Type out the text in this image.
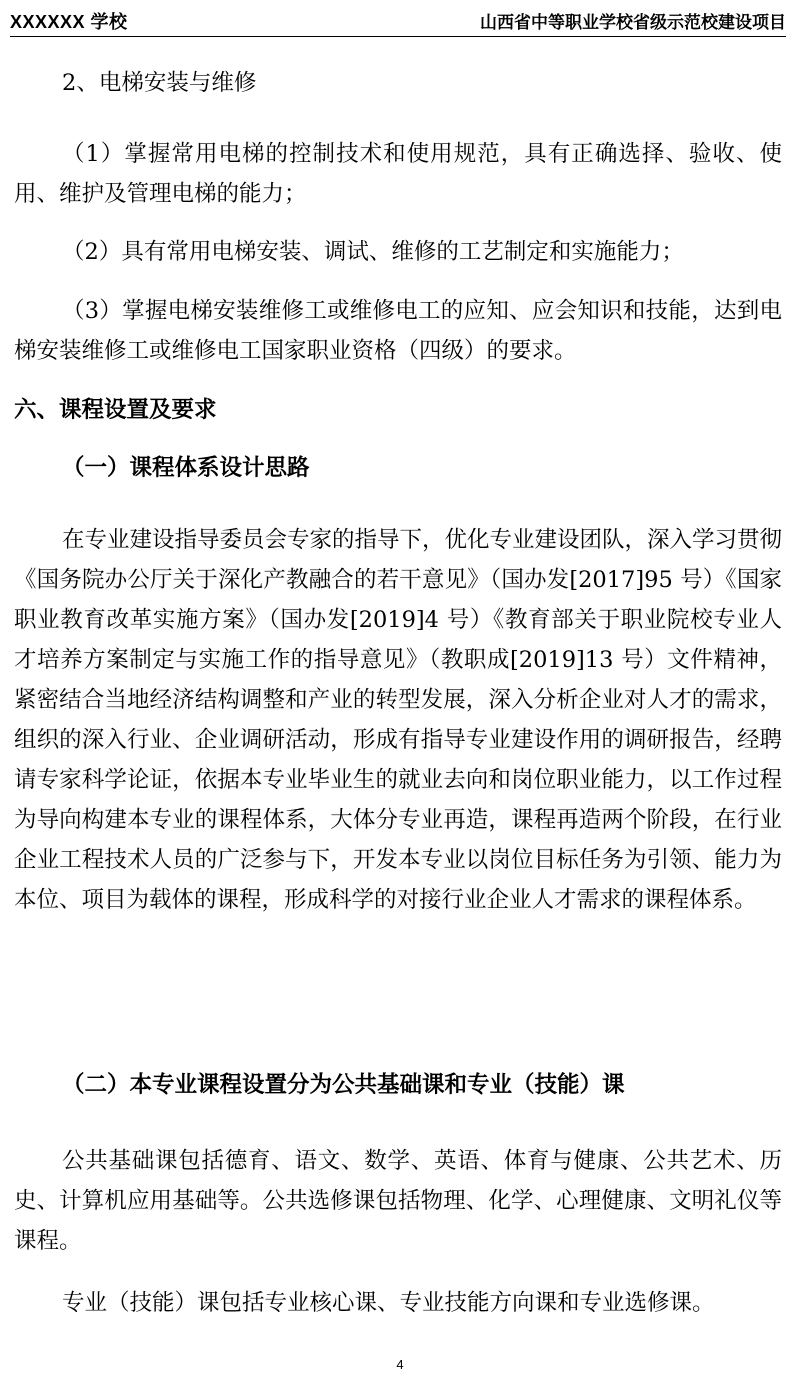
XXXXXX 学校	山西省中等职业学校省级示范校建设项目

2、电梯安装与维修

（1）掌握常用电梯的控制技术和使用规范，具有正确选择、验收、使用、维护及管理电梯的能力；

（2）具有常用电梯安装、调试、维修的工艺制定和实施能力；

（3）掌握电梯安装维修工或维修电工的应知、应会知识和技能，达到电梯安装维修工或维修电工国家职业资格（四级）的要求。

六、课程设置及要求

（一）课程体系设计思路

在专业建设指导委员会专家的指导下，优化专业建设团队，深入学习贯彻《国务院办公厅关于深化产教融合的若干意见》（国办发[2017]95 号）《国家职业教育改革实施方案》（国办发[2019]4 号）《教育部关于职业院校专业人才培养方案制定与实施工作的指导意见》（教职成[2019]13 号）文件精神，紧密结合当地经济结构调整和产业的转型发展，深入分析企业对人才的需求，组织的深入行业、企业调研活动，形成有指导专业建设作用的调研报告，经聘请专家科学论证，依据本专业毕业生的就业去向和岗位职业能力，以工作过程为导向构建本专业的课程体系，大体分专业再造，课程再造两个阶段，在行业企业工程技术人员的广泛参与下，开发本专业以岗位目标任务为引领、能力为本位、项目为载体的课程，形成科学的对接行业企业人才需求的课程体系。

（二）本专业课程设置分为公共基础课和专业（技能）课

公共基础课包括德育、语文、数学、英语、体育与健康、公共艺术、历史、计算机应用基础等。公共选修课包括物理、化学、心理健康、文明礼仪等课程。

专业（技能）课包括专业核心课、专业技能方向课和专业选修课。

4
